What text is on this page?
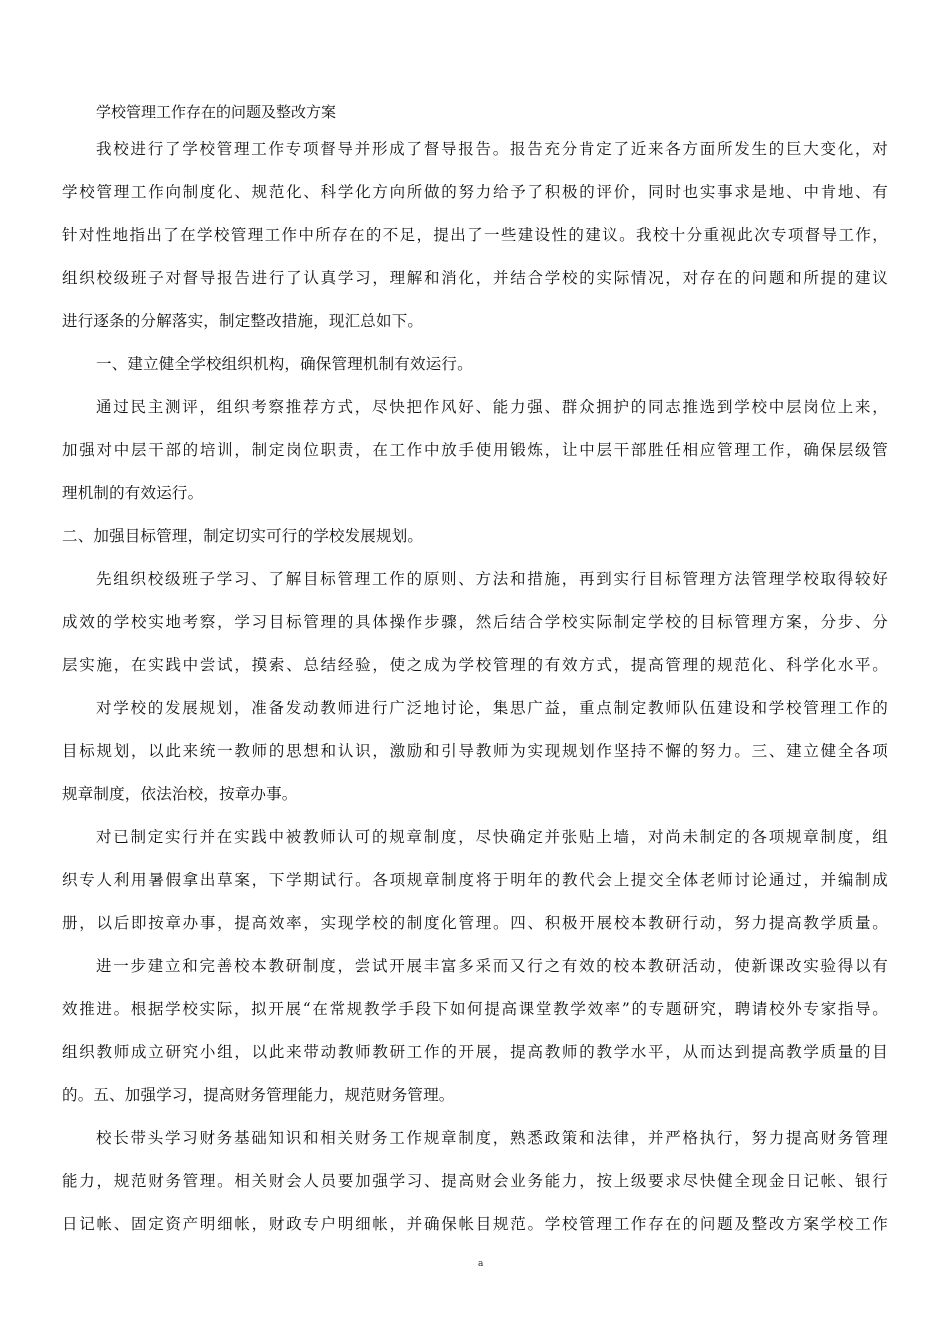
学校管理工作存在的问题及整改方案
我校进行了学校管理工作专项督导并形成了督导报告。报告充分肯定了近来各方面所发生的巨大变化，对
学校管理工作向制度化、规范化、科学化方向所做的努力给予了积极的评价，同时也实事求是地、中肯地、有
针对性地指出了在学校管理工作中所存在的不足，提出了一些建设性的建议。我校十分重视此次专项督导工作，
组织校级班子对督导报告进行了认真学习，理解和消化，并结合学校的实际情况，对存在的问题和所提的建议
进行逐条的分解落实，制定整改措施，现汇总如下。
一、建立健全学校组织机构，确保管理机制有效运行。
通过民主测评，组织考察推荐方式，尽快把作风好、能力强、群众拥护的同志推选到学校中层岗位上来，
加强对中层干部的培训，制定岗位职责，在工作中放手使用锻炼，让中层干部胜任相应管理工作，确保层级管
理机制的有效运行。
二、加强目标管理，制定切实可行的学校发展规划。
先组织校级班子学习、了解目标管理工作的原则、方法和措施，再到实行目标管理方法管理学校取得较好
成效的学校实地考察，学习目标管理的具体操作步骤，然后结合学校实际制定学校的目标管理方案，分步、分
层实施，在实践中尝试，摸索、总结经验，使之成为学校管理的有效方式，提高管理的规范化、科学化水平。
对学校的发展规划，准备发动教师进行广泛地讨论，集思广益，重点制定教师队伍建设和学校管理工作的
目标规划，以此来统一教师的思想和认识，激励和引导教师为实现规划作坚持不懈的努力。三、建立健全各项
规章制度，依法治校，按章办事。
对已制定实行并在实践中被教师认可的规章制度，尽快确定并张贴上墙，对尚未制定的各项规章制度，组
织专人利用暑假拿出草案，下学期试行。各项规章制度将于明年的教代会上提交全体老师讨论通过，并编制成
册，以后即按章办事，提高效率，实现学校的制度化管理。四、积极开展校本教研行动，努力提高教学质量。
进一步建立和完善校本教研制度，尝试开展丰富多采而又行之有效的校本教研活动，使新课改实验得以有
效推进。根据学校实际，拟开展“在常规教学手段下如何提高课堂教学效率”的专题研究，聘请校外专家指导。
组织教师成立研究小组，以此来带动教师教研工作的开展，提高教师的教学水平，从而达到提高教学质量的目
的。五、加强学习，提高财务管理能力，规范财务管理。
校长带头学习财务基础知识和相关财务工作规章制度，熟悉政策和法律，并严格执行，努力提高财务管理
能力，规范财务管理。相关财会人员要加强学习、提高财会业务能力，按上级要求尽快健全现金日记帐、银行
日记帐、固定资产明细帐，财政专户明细帐，并确保帐目规范。学校管理工作存在的问题及整改方案学校工作
a
